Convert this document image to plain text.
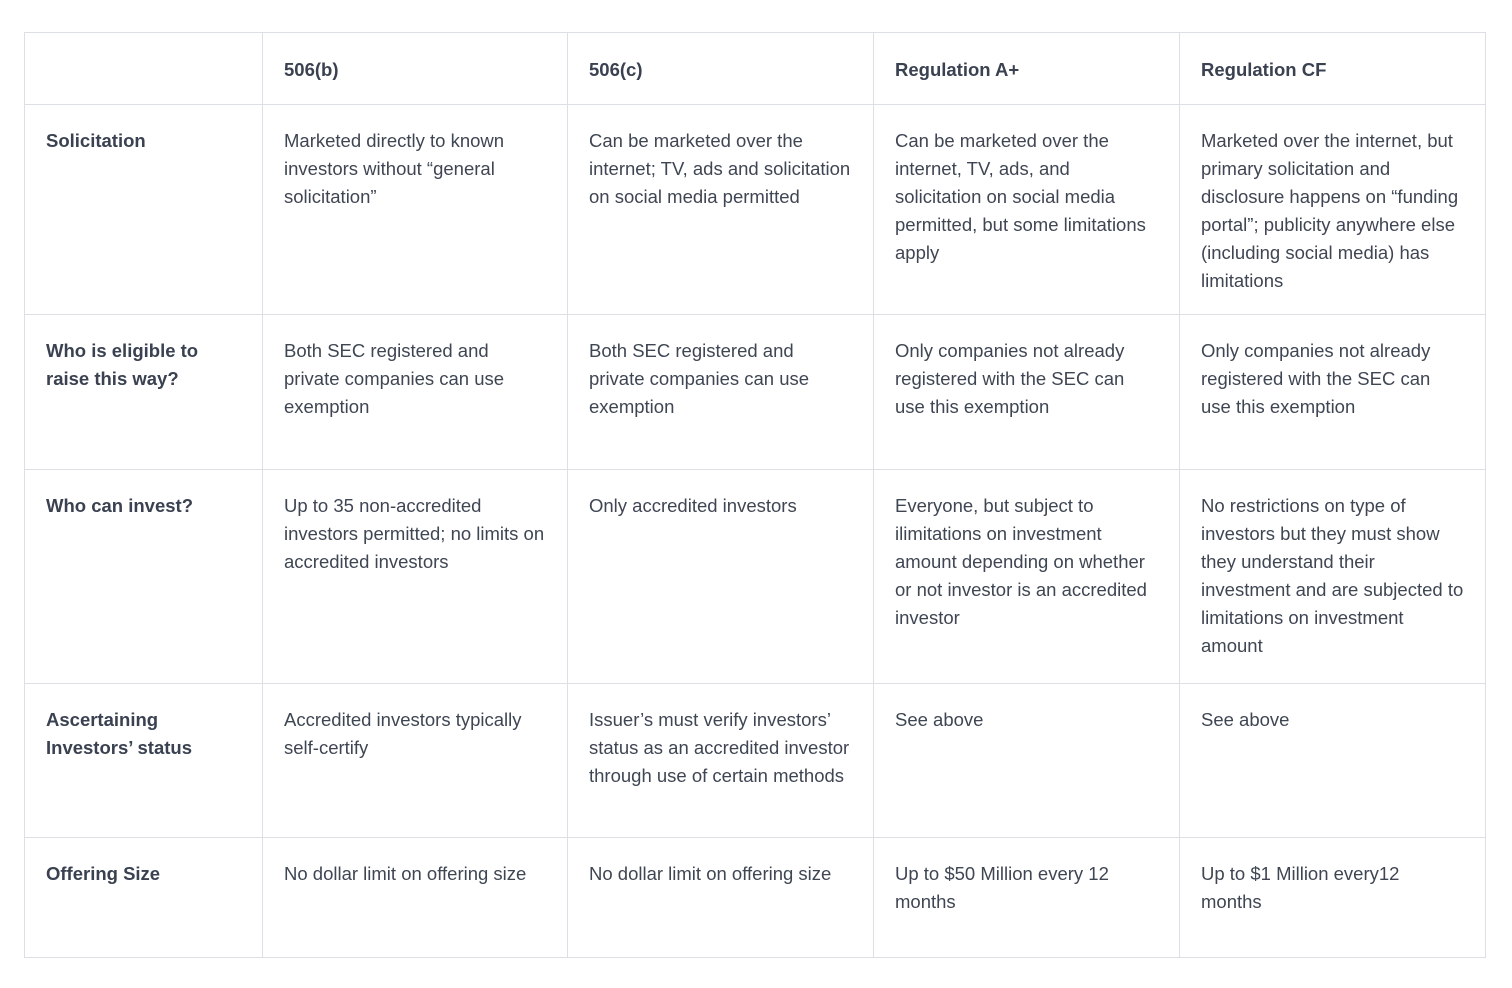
	506(b)	506(c)	Regulation A+	Regulation CF
Solicitation	Marketed directly to known investors without “general solicitation”	Can be marketed over the internet; TV, ads and solicitation on social media permitted	Can be marketed over the internet, TV, ads, and solicitation on social media permitted, but some limitations apply	Marketed over the internet, but primary solicitation and disclosure happens on “funding portal”; publicity anywhere else (including social media) has limitations
Who is eligible to raise this way?	Both SEC registered and private companies can use exemption	Both SEC registered and private companies can use exemption	Only companies not already registered with the SEC can use this exemption	Only companies not already registered with the SEC can use this exemption
Who can invest?	Up to 35 non-accredited investors permitted; no limits on accredited investors	Only accredited investors	Everyone, but subject to ilimitations on investment amount depending on whether or not investor is an accredited investor	No restrictions on type of investors but they must show they understand their investment and are subjected to limitations on investment amount
Ascertaining Investors’ status	Accredited investors typically self-certify	Issuer’s must verify investors’ status as an accredited investor through use of certain methods	See above	See above
Offering Size	No dollar limit on offering size	No dollar limit on offering size	Up to $50 Million every 12 months	Up to $1 Million every12 months
